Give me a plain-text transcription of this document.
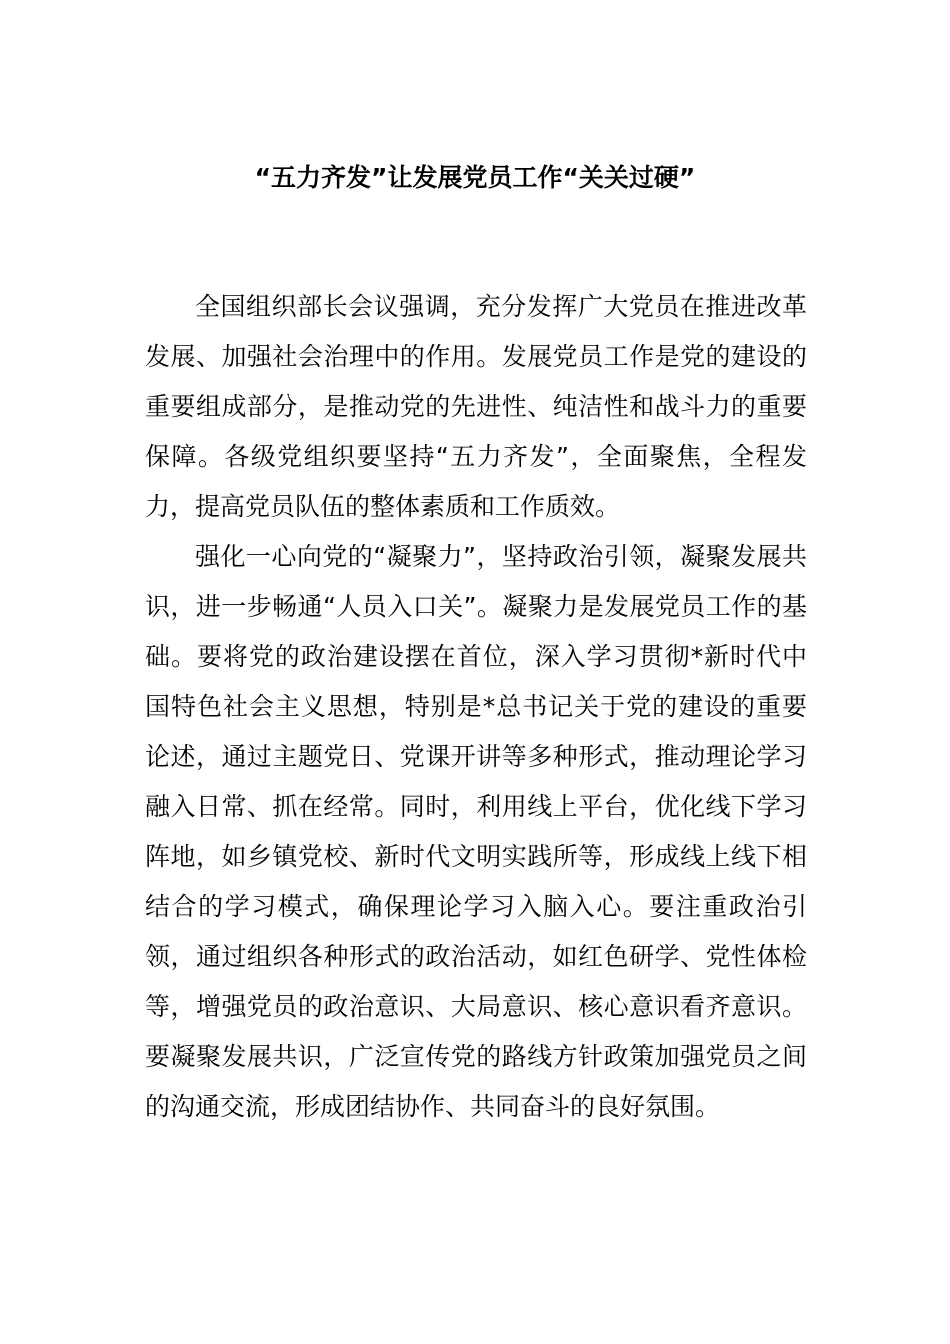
“五力齐发”让发展党员工作“关关过硬”

全国组织部长会议强调，充分发挥广大党员在推进改革发展、加强社会治理中的作用。发展党员工作是党的建设的重要组成部分，是推动党的先进性、纯洁性和战斗力的重要保障。各级党组织要坚持“五力齐发”，全面聚焦，全程发力，提高党员队伍的整体素质和工作质效。

强化一心向党的“凝聚力”，坚持政治引领，凝聚发展共识，进一步畅通“人员入口关”。凝聚力是发展党员工作的基础。要将党的政治建设摆在首位，深入学习贯彻*新时代中国特色社会主义思想，特别是*总书记关于党的建设的重要论述，通过主题党日、党课开讲等多种形式，推动理论学习融入日常、抓在经常。同时，利用线上平台，优化线下学习阵地，如乡镇党校、新时代文明实践所等，形成线上线下相结合的学习模式，确保理论学习入脑入心。要注重政治引领，通过组织各种形式的政治活动，如红色研学、党性体检等，增强党员的政治意识、大局意识、核心意识看齐意识。要凝聚发展共识，广泛宣传党的路线方针政策加强党员之间的沟通交流，形成团结协作、共同奋斗的良好氛围。
